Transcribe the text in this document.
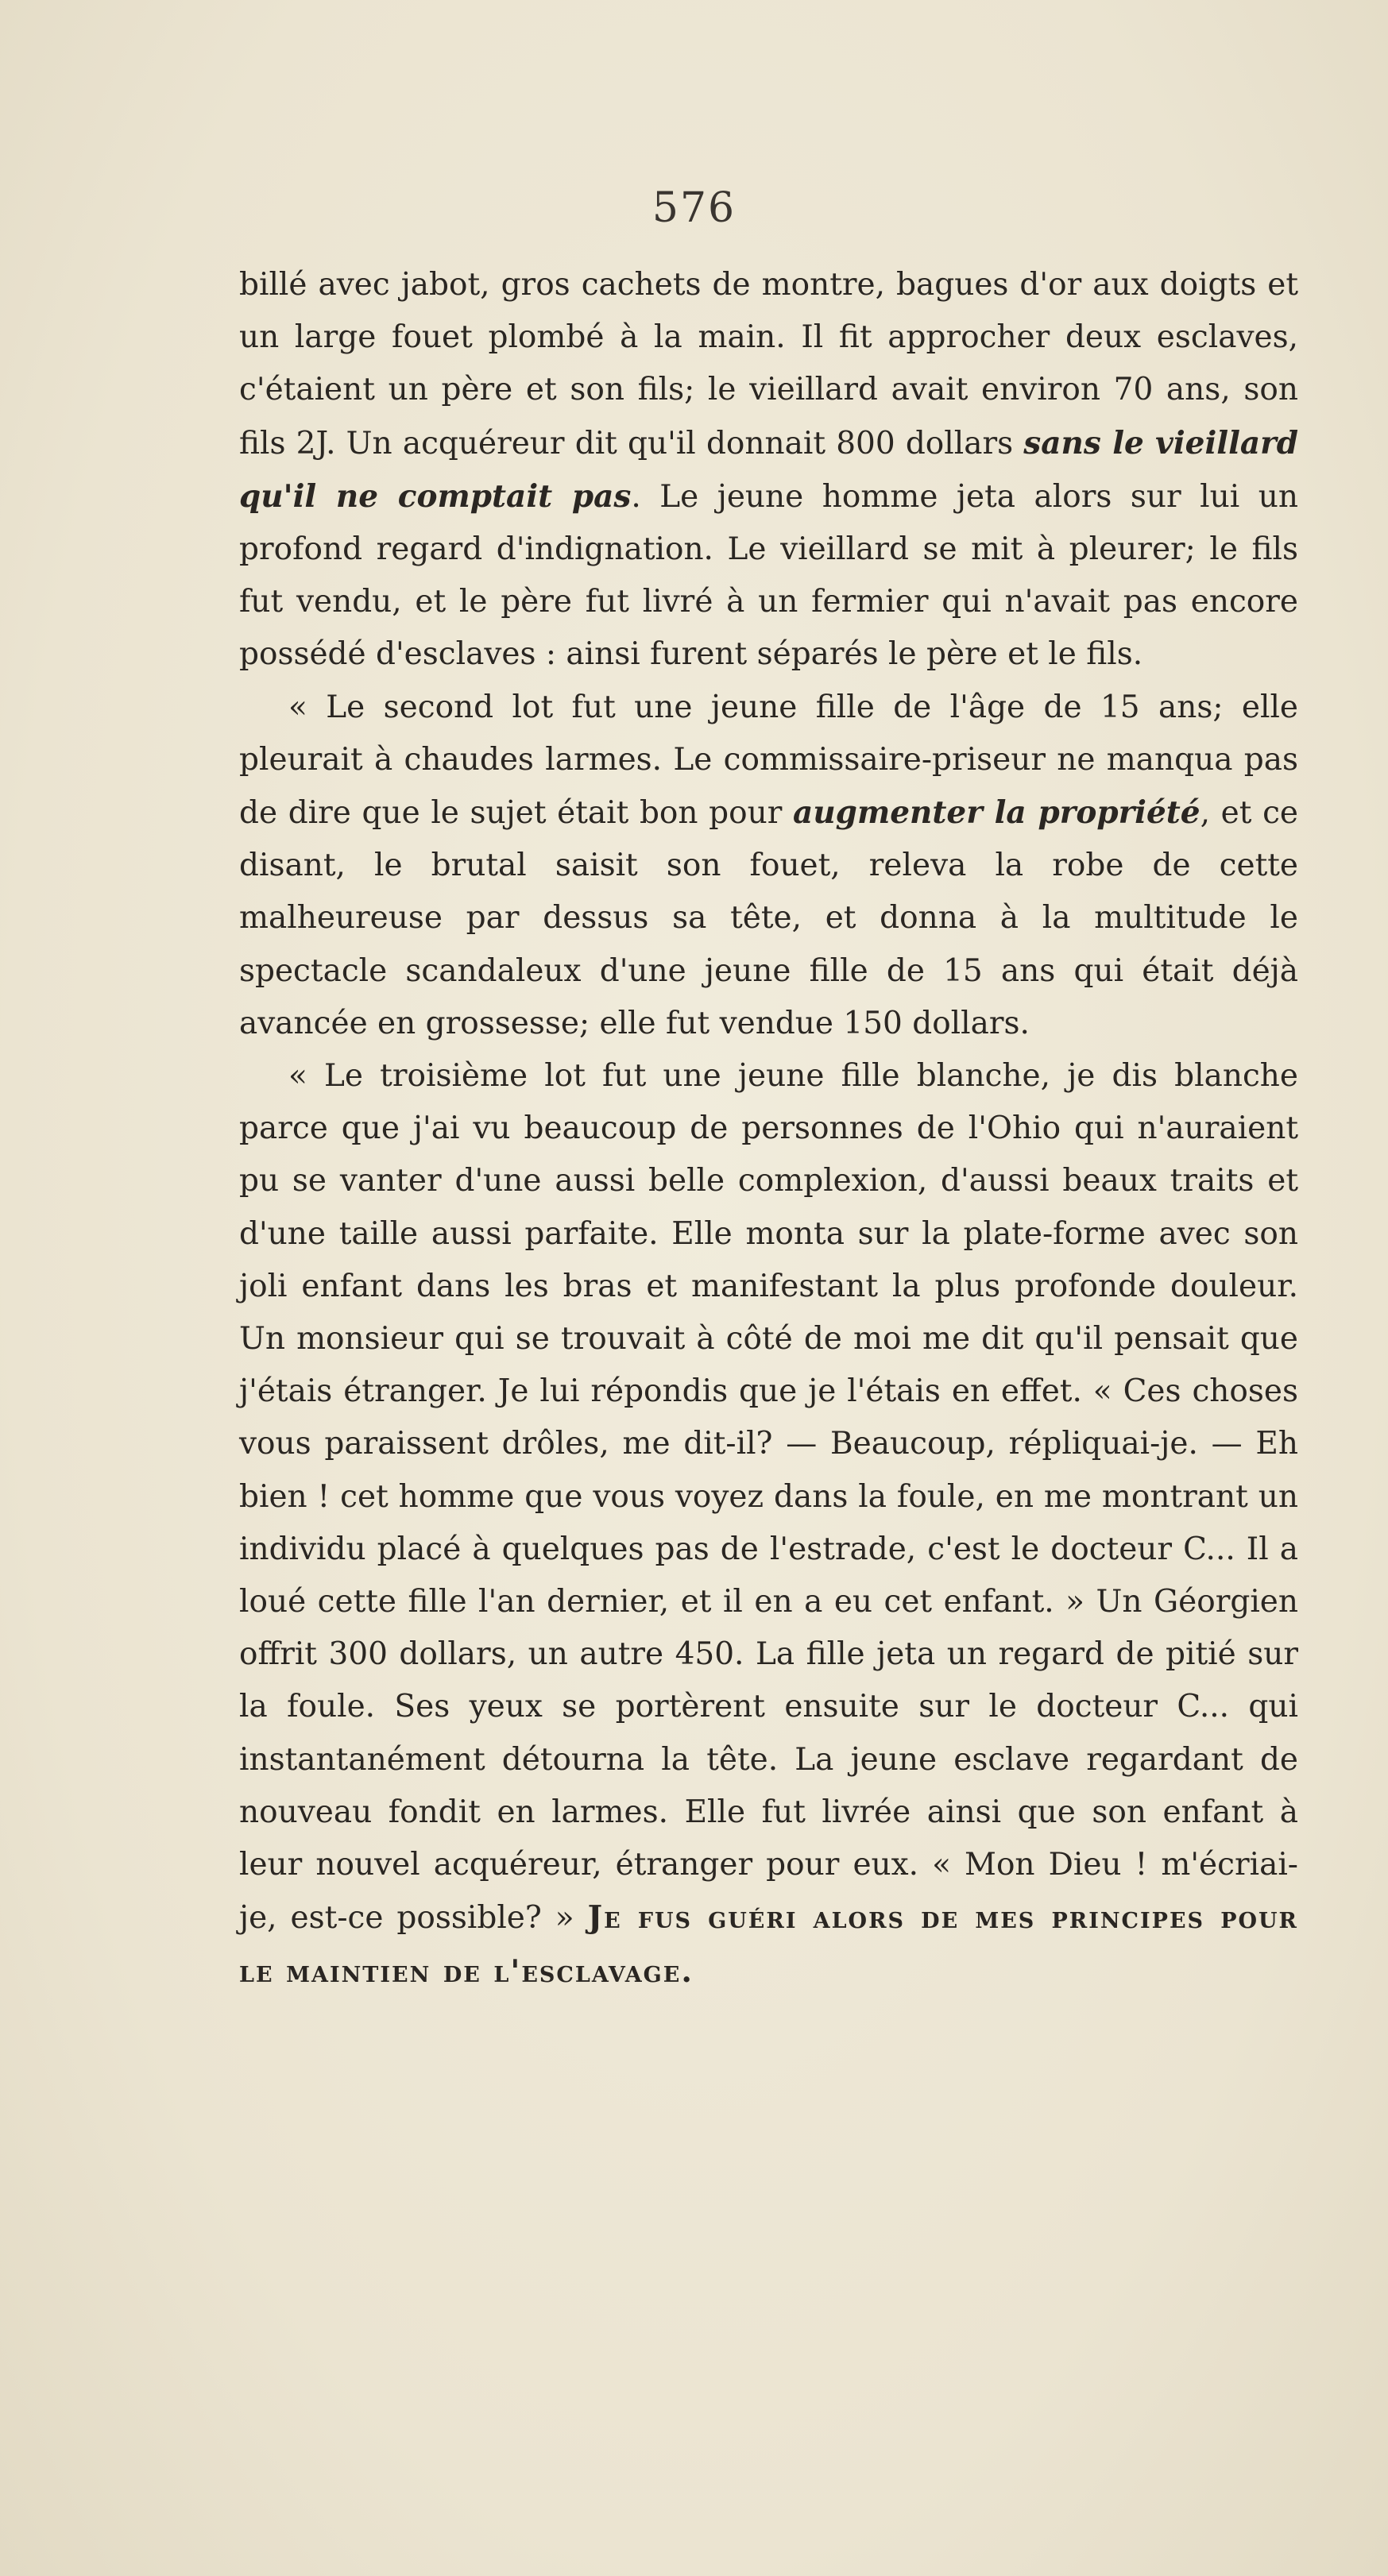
576

billé avec jabot, gros cachets de montre, bagues d'or aux doigts et un large fouet plombé à la main. Il fit approcher deux esclaves, c'étaient un père et son fils; le vieillard avait environ 70 ans, son fils 2J. Un acquéreur dit qu'il donnait 800 dollars sans le vieillard qu'il ne comptait pas. Le jeune homme jeta alors sur lui un profond regard d'indignation. Le vieillard se mit à pleurer; le fils fut vendu, et le père fut livré à un fermier qui n'avait pas encore possédé d'esclaves : ainsi furent séparés le père et le fils.

« Le second lot fut une jeune fille de l'âge de 15 ans; elle pleurait à chaudes larmes. Le commissaire-priseur ne manqua pas de dire que le sujet était bon pour augmenter la propriété, et ce disant, le brutal saisit son fouet, releva la robe de cette malheureuse par dessus sa tête, et donna à la multitude le spectacle scandaleux d'une jeune fille de 15 ans qui était déjà avancée en grossesse; elle fut vendue 150 dollars.

« Le troisième lot fut une jeune fille blanche, je dis blanche parce que j'ai vu beaucoup de personnes de l'Ohio qui n'auraient pu se vanter d'une aussi belle complexion, d'aussi beaux traits et d'une taille aussi parfaite. Elle monta sur la plate-forme avec son joli enfant dans les bras et manifestant la plus profonde douleur. Un monsieur qui se trouvait à côté de moi me dit qu'il pensait que j'étais étranger. Je lui répondis que je l'étais en effet. « Ces choses vous paraissent drôles, me dit-il? — Beaucoup, répliquai-je. — Eh bien ! cet homme que vous voyez dans la foule, en me montrant un individu placé à quelques pas de l'estrade, c'est le docteur C... Il a loué cette fille l'an dernier, et il en a eu cet enfant. » Un Géorgien offrit 300 dollars, un autre 450. La fille jeta un regard de pitié sur la foule. Ses yeux se portèrent ensuite sur le docteur C... qui instantanément détourna la tête. La jeune esclave regardant de nouveau fondit en larmes. Elle fut livrée ainsi que son enfant à leur nouvel acquéreur, étranger pour eux. « Mon Dieu ! m'écriai-je, est-ce possible? » Je fus guéri alors de mes principes pour le maintien de l'esclavage.
